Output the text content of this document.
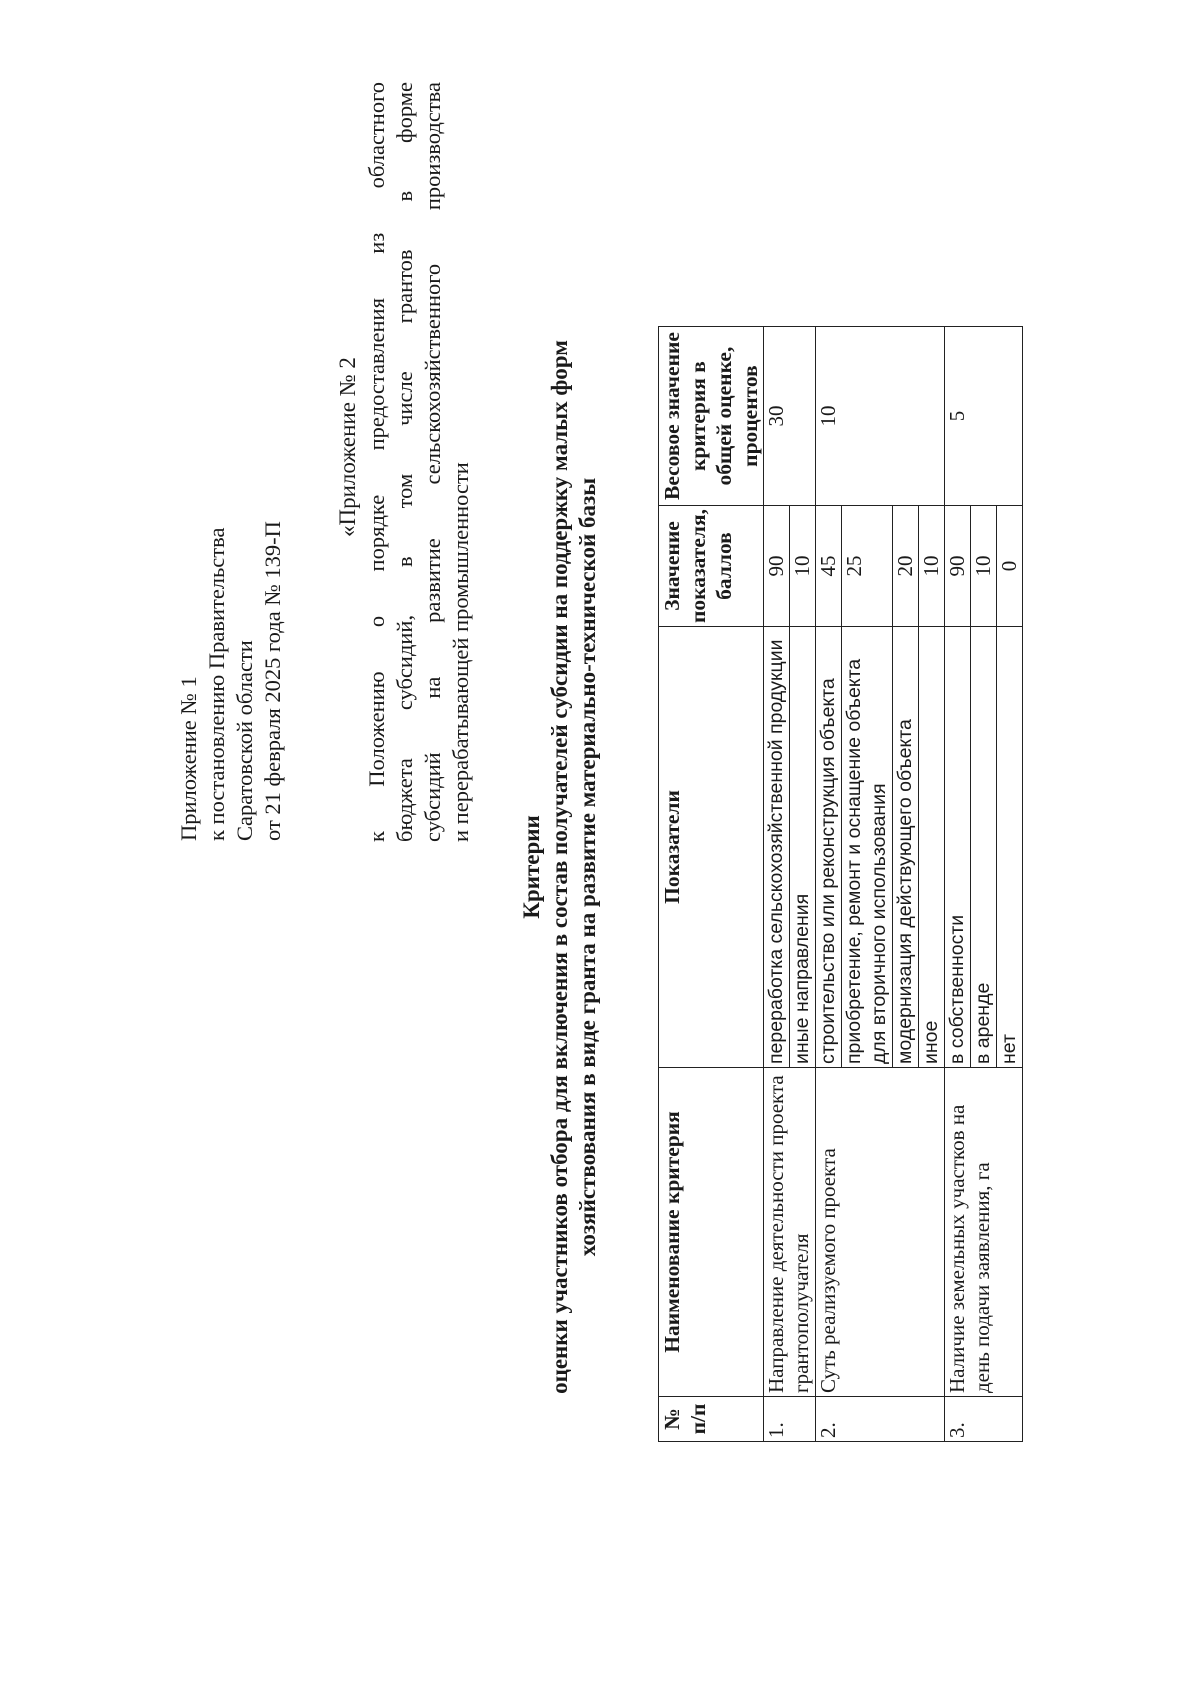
Приложение № 1 к постановлению Правительства Саратовской области от 21 февраля 2025 года № 139-П
«Приложение № 2 к Положению о порядке предоставления из областного бюджета субсидий, в том числе грантов в форме субсидий на развитие сельскохозяйственного производства и перерабатывающей промышленности
Критерии оценки участников отбора для включения в состав получателей субсидии на поддержку малых форм хозяйствования в виде гранта на развитие материально-технической базы
№ п/п	Наименование критерия	Показатели	Значение показателя, баллов	Весовое значение критерия в общей оценке, процентов
1.	Направление деятельности проекта грантополучателя	переработка сельскохозяйственной продукции	90	30
		иные направления	10	
2.	Суть реализуемого проекта	строительство или реконструкция объекта	45	10
		приобретение, ремонт и оснащение объекта для вторичного использования	25	
		модернизация действующего объекта	20	
		иное	10	
3.	Наличие земельных участков на день подачи заявления, га	в собственности	90	5
		в аренде	10	
		нет	0	
